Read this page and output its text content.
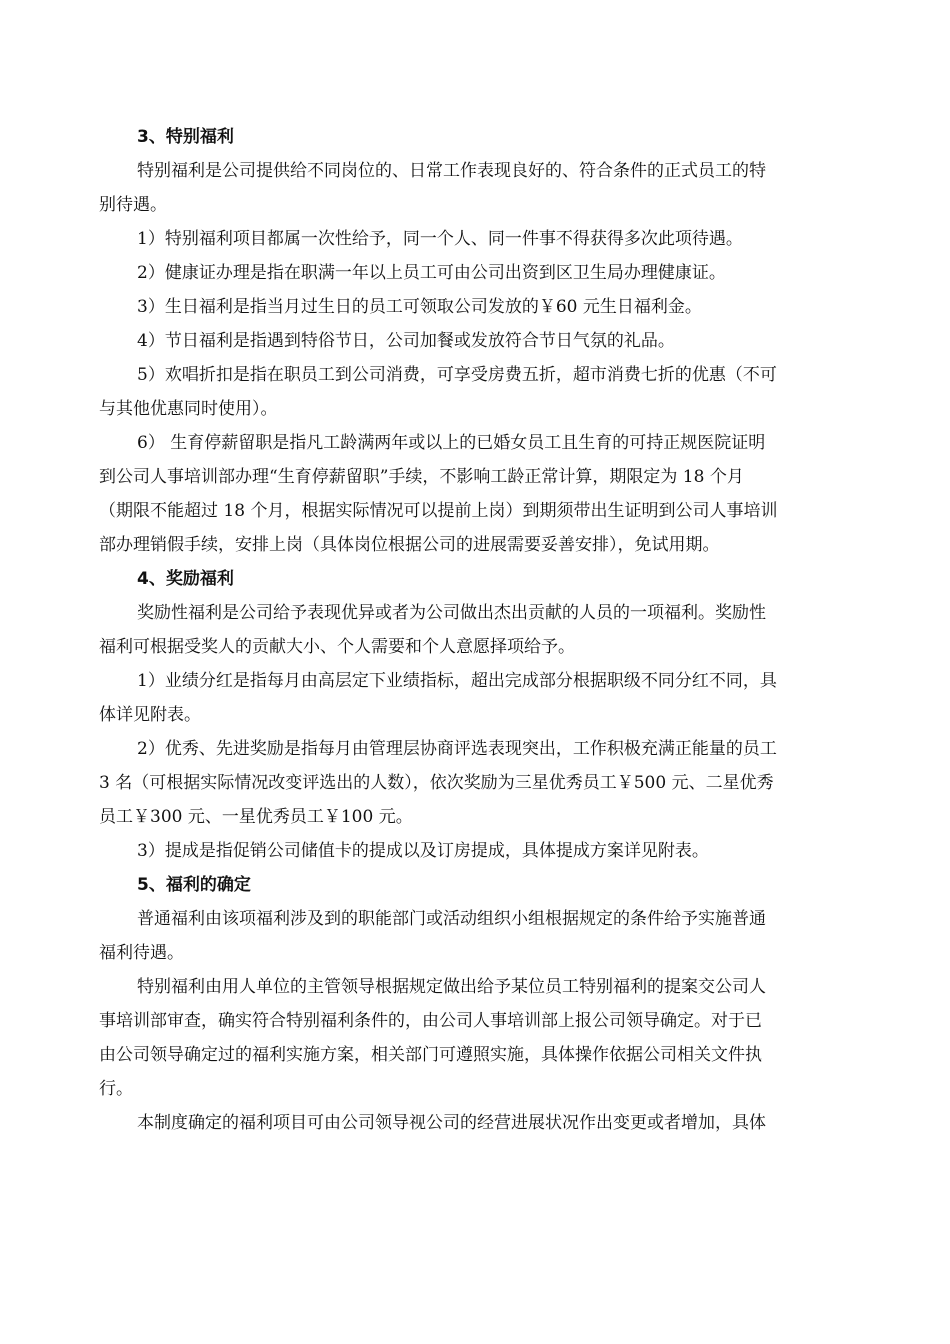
3、特别福利
特别福利是公司提供给不同岗位的、日常工作表现良好的、符合条件的正式员工的特
别待遇。
1）特别福利项目都属一次性给予，同一个人、同一件事不得获得多次此项待遇。
2）健康证办理是指在职满一年以上员工可由公司出资到区卫生局办理健康证。
3）生日福利是指当月过生日的员工可领取公司发放的￥60 元生日福利金。
4）节日福利是指遇到特俗节日，公司加餐或发放符合节日气氛的礼品。
5）欢唱折扣是指在职员工到公司消费，可享受房费五折，超市消费七折的优惠（不可
与其他优惠同时使用）。
6） 生育停薪留职是指凡工龄满两年或以上的已婚女员工且生育的可持正规医院证明
到公司人事培训部办理“生育停薪留职”手续，不影响工龄正常计算，期限定为 18 个月
（期限不能超过 18 个月，根据实际情况可以提前上岗）到期须带出生证明到公司人事培训
部办理销假手续，安排上岗（具体岗位根据公司的进展需要妥善安排），免试用期。
4、奖励福利
奖励性福利是公司给予表现优异或者为公司做出杰出贡献的人员的一项福利。奖励性
福利可根据受奖人的贡献大小、个人需要和个人意愿择项给予。
1）业绩分红是指每月由高层定下业绩指标，超出完成部分根据职级不同分红不同，具
体详见附表。
2）优秀、先进奖励是指每月由管理层协商评选表现突出，工作积极充满正能量的员工
3 名（可根据实际情况改变评选出的人数），依次奖励为三星优秀员工￥500 元、二星优秀
员工￥300 元、一星优秀员工￥100 元。
3）提成是指促销公司储值卡的提成以及订房提成，具体提成方案详见附表。
5、福利的确定
普通福利由该项福利涉及到的职能部门或活动组织小组根据规定的条件给予实施普通
福利待遇。
特别福利由用人单位的主管领导根据规定做出给予某位员工特别福利的提案交公司人
事培训部审查，确实符合特别福利条件的，由公司人事培训部上报公司领导确定。对于已
由公司领导确定过的福利实施方案，相关部门可遵照实施，具体操作依据公司相关文件执
行。
本制度确定的福利项目可由公司领导视公司的经营进展状况作出变更或者增加，具体
